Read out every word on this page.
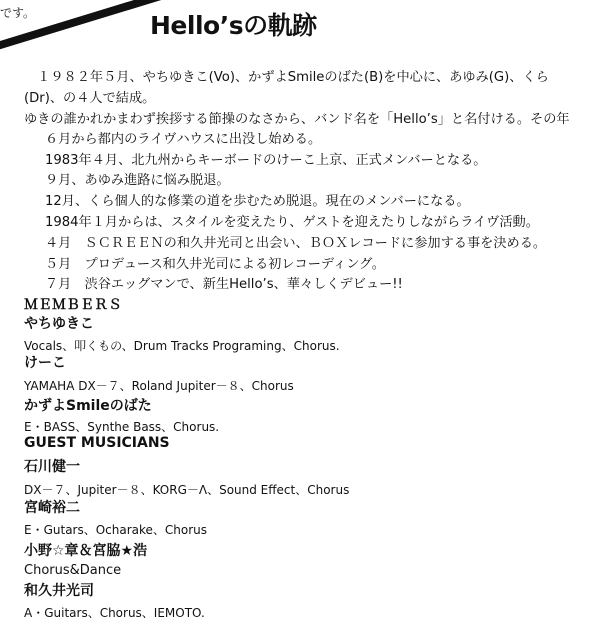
です。	Hello’sの軌跡
　１９８２年５月、やちゆきこ(Vo)、かずよSmileのばた(B)を中心に、あゆみ(G)、くら
(Dr)、の４人で結成。
ゆきの誰かれかまわず挨拶する節操のなさから、バンド名を「Hello’s」と名付ける。その年
６月から都内のライヴハウスに出没し始める。
1983年４月、北九州からキーボードのけーこ上京、正式メンバーとなる。
９月、あゆみ進路に悩み脱退。
12月、くら個人的な修業の道を歩むため脱退。現在のメンバーになる。
1984年１月からは、スタイルを変えたり、ゲストを迎えたりしながらライヴ活動。
４月　ＳＣＲＥＥＮの和久井光司と出会い、ＢＯＸレコードに参加する事を決める。
５月　プロデュース和久井光司による初レコーディング。
７月　渋谷エッグマンで、新生Hello’s、華々しくデビュー!!
ＭＥＭＢＥＲＳ
やちゆきこ
Vocals、叩くもの、Drum Tracks Programing、Chorus.
けーこ
YAMAHA DX－７、Roland Jupiter－８、Chorus
かずよSmileのばた
E・BASS、Synthe Bass、Chorus.
GUEST MUSICIANS
石川健一
DX－７、Jupiter－８、KORG－Λ、Sound Effect、Chorus
宮崎裕二
E・Gutars、Ocharake、Chorus
小野☆章＆宮脇★浩
Chorus&Dance
和久井光司
A・Guitars、Chorus、IEMOTO.
